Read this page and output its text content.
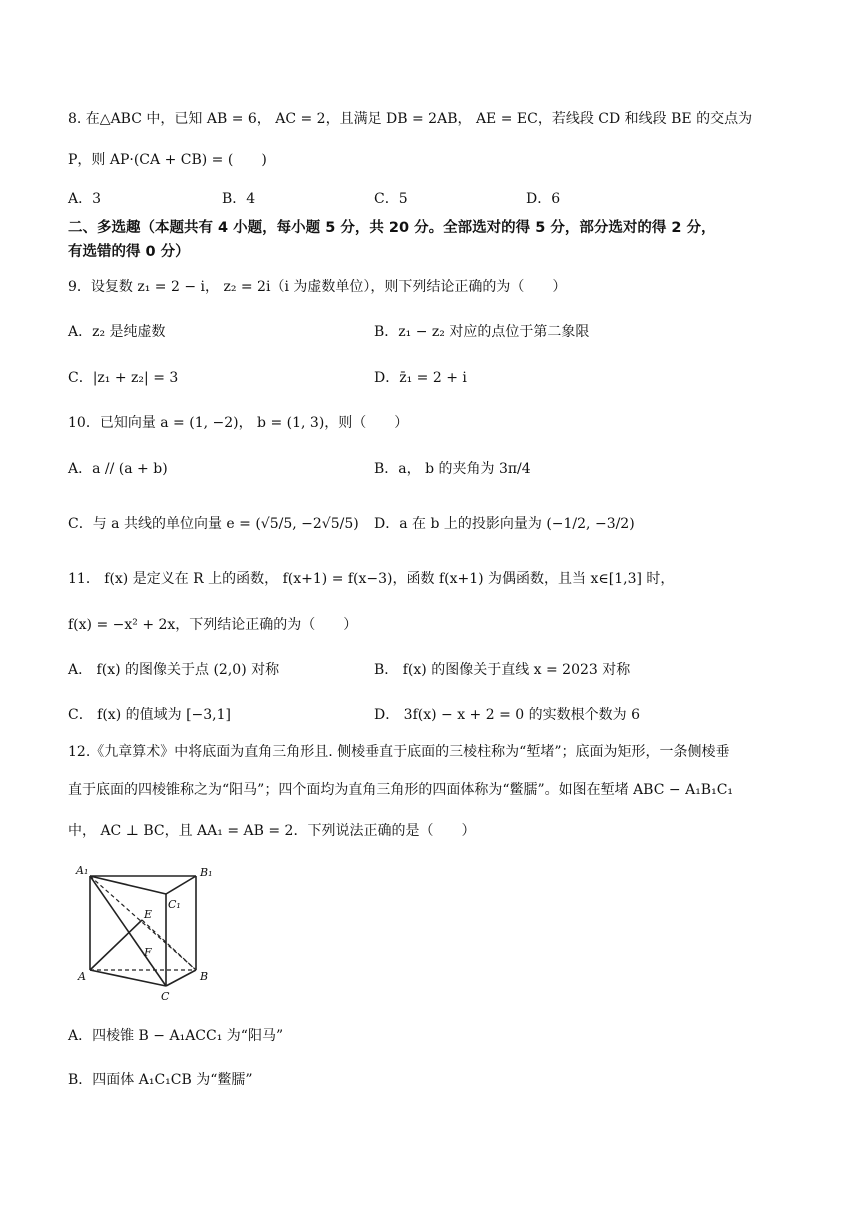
8. 在△ABC 中，已知 AB = 6， AC = 2，且满足 DB = 2AB， AE = EC，若线段 CD 和线段 BE 的交点为
P，则 AP·(CA + CB) = (　　)
A．3	B．4	C．5	D．6
二、多选趣（本题共有 4 小题，每小题 5 分，共 20 分。全部选对的得 5 分，部分选对的得 2 分，
有选错的得 0 分）
9．设复数 z₁ = 2 − i， z₂ = 2i（i 为虚数单位），则下列结论正确的为（　　）
A．z₂ 是纯虚数	B．z₁ − z₂ 对应的点位于第二象限
C．|z₁ + z₂| = 3	D．z̄₁ = 2 + i
10．已知向量 a = (1, −2)， b = (1, 3)，则（　　）
A．a // (a + b)	B．a， b 的夹角为 3π/4
C．与 a 共线的单位向量 e = (√5/5, −2√5/5) D．a 在 b 上的投影向量为 (−1/2, −3/2)
11． f(x) 是定义在 R 上的函数， f(x+1) = f(x−3)，函数 f(x+1) 为偶函数，且当 x∈[1,3] 时，
f(x) = −x² + 2x，下列结论正确的为（　　）
A． f(x) 的图像关于点 (2,0) 对称	B． f(x) 的图像关于直线 x = 2023 对称
C． f(x) 的值域为 [−3,1]	D． 3f(x) − x + 2 = 0 的实数根个数为 6
12.《九章算术》中将底面为直角三角形且. 侧棱垂直于底面的三棱柱称为“堑堵”；底面为矩形，一条侧棱垂
直于底面的四棱锥称之为“阳马”；四个面均为直角三角形的四面体称为“鳖臑”。如图在堑堵 ABC − A₁B₁C₁
中， AC ⊥ BC，且 AA₁ = AB = 2．下列说法正确的是（　　）
A₁	B₁
C₁
E
F
A	B
C
A．四棱锥 B − A₁ACC₁ 为“阳马”
B．四面体 A₁C₁CB 为“鳖臑”
